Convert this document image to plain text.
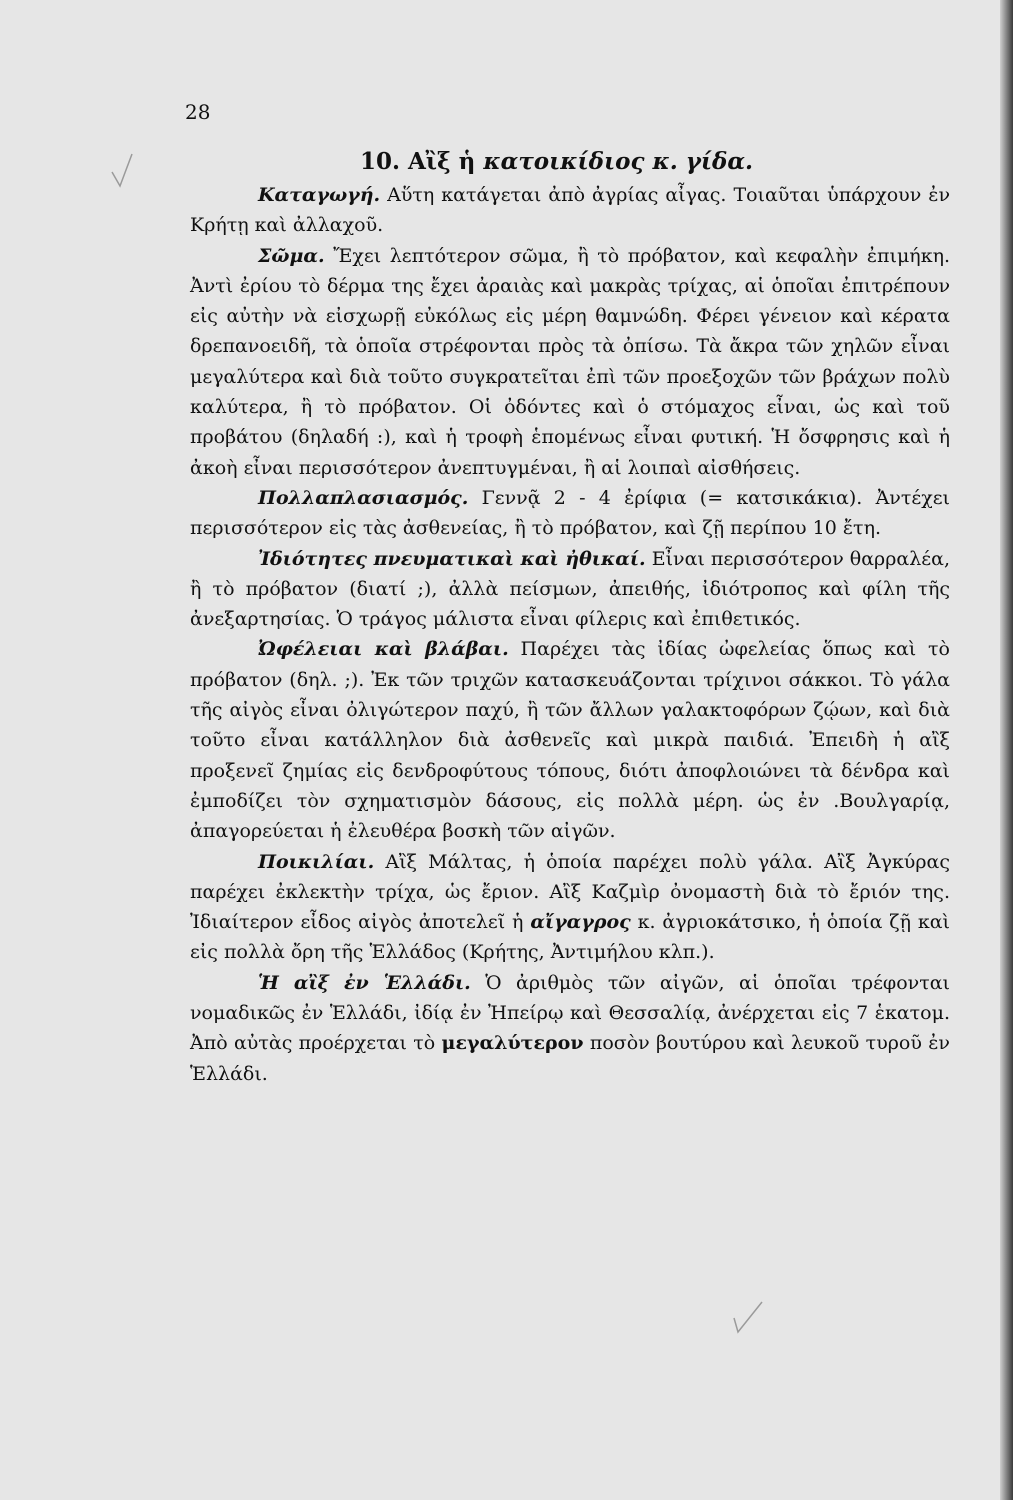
28
10. Αἲξ ἡ κατοικίδιος κ. γίδα.

Καταγωγή. Αὕτη κατάγεται ἀπὸ ἀγρίας αἶγας. Τοιαῦται ὑπάρχουν ἐν Κρήτῃ καὶ ἀλλαχοῦ.

Σῶμα. Ἔχει λεπτότερον σῶμα, ἢ τὸ πρόβατον, καὶ κεφαλὴν ἐπιμήκη. Ἀντὶ ἐρίου τὸ δέρμα της ἔχει ἀραιὰς καὶ μακρὰς τρίχας, αἱ ὁποῖαι ἐπιτρέπουν εἰς αὐτὴν νὰ εἰσχωρῇ εὐκόλως εἰς μέρη θαμνώδη. Φέρει γένειον καὶ κέρατα δρεπανοειδῆ, τὰ ὁποῖα στρέφονται πρὸς τὰ ὀπίσω. Τὰ ἄκρα τῶν χηλῶν εἶναι μεγαλύτερα καὶ διὰ τοῦτο συγκρατεῖται ἐπὶ τῶν προεξοχῶν τῶν βράχων πολὺ καλύτερα, ἢ τὸ πρόβατον. Οἱ ὀδόντες καὶ ὁ στόμαχος εἶναι, ὡς καὶ τοῦ προβάτου (δηλαδή :), καὶ ἡ τροφὴ ἑπομένως εἶναι φυτική. Ἡ ὄσφρησις καὶ ἡ ἀκοὴ εἶναι περισσότερον ἀνεπτυγμέναι, ἢ αἱ λοιπαὶ αἰσθήσεις.

Πολλαπλασιασμός. Γεννᾷ 2 - 4 ἐρίφια (= κατσικάκια). Ἀντέχει περισσότερον εἰς τὰς ἀσθενείας, ἢ τὸ πρόβατον, καὶ ζῇ περίπου 10 ἔτη.

Ἰδιότητες πνευματικαὶ καὶ ἠθικαί. Εἶναι περισσότερον θαρραλέα, ἢ τὸ πρόβατον (διατί ;), ἀλλὰ πείσμων, ἀπειθής, ἰδιότροπος καὶ φίλη τῆς ἀνεξαρτησίας. Ὁ τράγος μάλιστα εἶναι φίλερις καὶ ἐπιθετικός.

Ὠφέλειαι καὶ βλάβαι. Παρέχει τὰς ἰδίας ὠφελείας ὅπως καὶ τὸ πρόβατον (δηλ. ;). Ἐκ τῶν τριχῶν κατασκευάζονται τρίχινοι σάκκοι. Τὸ γάλα τῆς αἰγὸς εἶναι ὀλιγώτερον παχύ, ἢ τῶν ἄλλων γαλακτοφόρων ζῴων, καὶ διὰ τοῦτο εἶναι κατάλληλον διὰ ἀσθενεῖς καὶ μικρὰ παιδιά. Ἐπειδὴ ἡ αἲξ προξενεῖ ζημίας εἰς δενδροφύτους τόπους, διότι ἀποφλοιώνει τὰ δένδρα καὶ ἐμποδίζει τὸν σχηματισμὸν δάσους, εἰς πολλὰ μέρη. ὡς ἐν .Βουλγαρίᾳ, ἀπαγορεύεται ἡ ἐλευθέρα βοσκὴ τῶν αἰγῶν.

Ποικιλίαι. Αἲξ Μάλτας, ἡ ὁποία παρέχει πολὺ γάλα. Αἲξ Ἀγκύρας παρέχει ἐκλεκτὴν τρίχα, ὡς ἔριον. Αἲξ Καζμὶρ ὀνομαστὴ διὰ τὸ ἔριόν της. Ἰδιαίτερον εἶδος αἰγὸς ἀποτελεῖ ἡ αἴγαγρος κ. ἀγριοκάτσικο, ἡ ὁποία ζῇ καὶ εἰς πολλὰ ὄρη τῆς Ἑλλάδος (Κρήτης, Ἀντιμήλου κλπ.).

Ἡ αἲξ ἐν Ἑλλάδι. Ὁ ἀριθμὸς τῶν αἰγῶν, αἱ ὁποῖαι τρέφονται νομαδικῶς ἐν Ἑλλάδι, ἰδίᾳ ἐν Ἠπείρῳ καὶ Θεσσαλίᾳ, ἀνέρχεται εἰς 7 ἑκατομ. Ἀπὸ αὐτὰς προέρχεται τὸ μεγαλύτερον ποσὸν βουτύρου καὶ λευκοῦ τυροῦ ἐν Ἑλλάδι.
